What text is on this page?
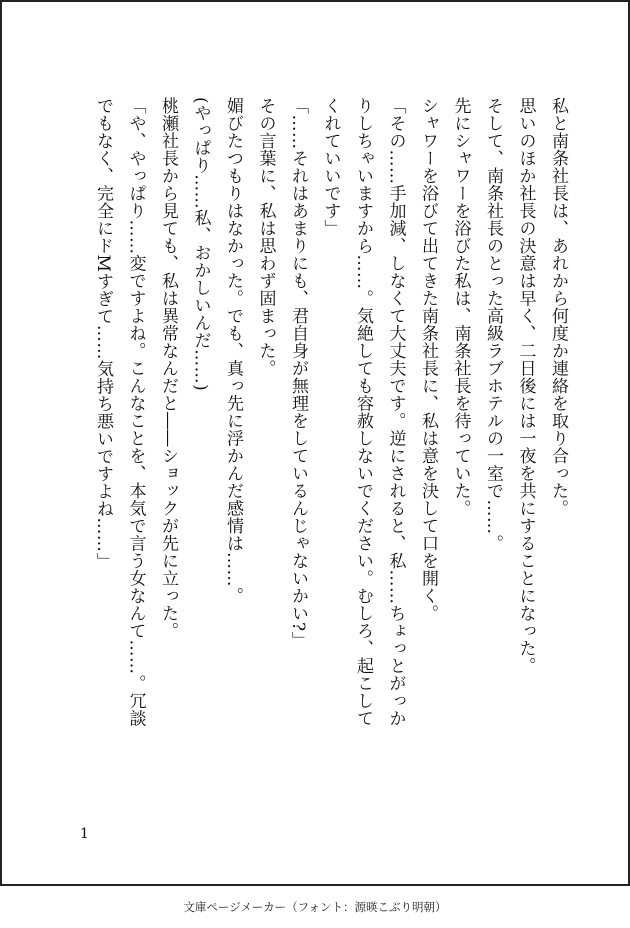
私と南条社長は、あれから何度か連絡を取り合った。
思いのほか社長の決意は早く、二日後には一夜を共にすることになった。
そして、南条社長のとった高級ラブホテルの一室で……。
先にシャワーを浴びた私は、南条社長を待っていた。
シャワーを浴びて出てきた南条社長に、私は意を決して口を開く。
「その……手加減、しなくて大丈夫です。逆にされると、私……ちょっとがっか
りしちゃいますから……。気絶しても容赦しないでください。むしろ、起こして
くれていいです」
「……それはあまりにも、君自身が無理をしているんじゃないかい?」
その言葉に、私は思わず固まった。
媚びたつもりはなかった。でも、真っ先に浮かんだ感情は……。
(やっぱり……私、おかしいんだ……)
桃瀬社長から見ても、私は異常なんだと――ショックが先に立った。
「や、やっぱり……変ですよね。こんなことを、本気で言う女なんて……。冗談
でもなく、完全にドMすぎて……気持ち悪いですよね……」
1
文庫ページメーカー（フォント：源暎こぶり明朝）
